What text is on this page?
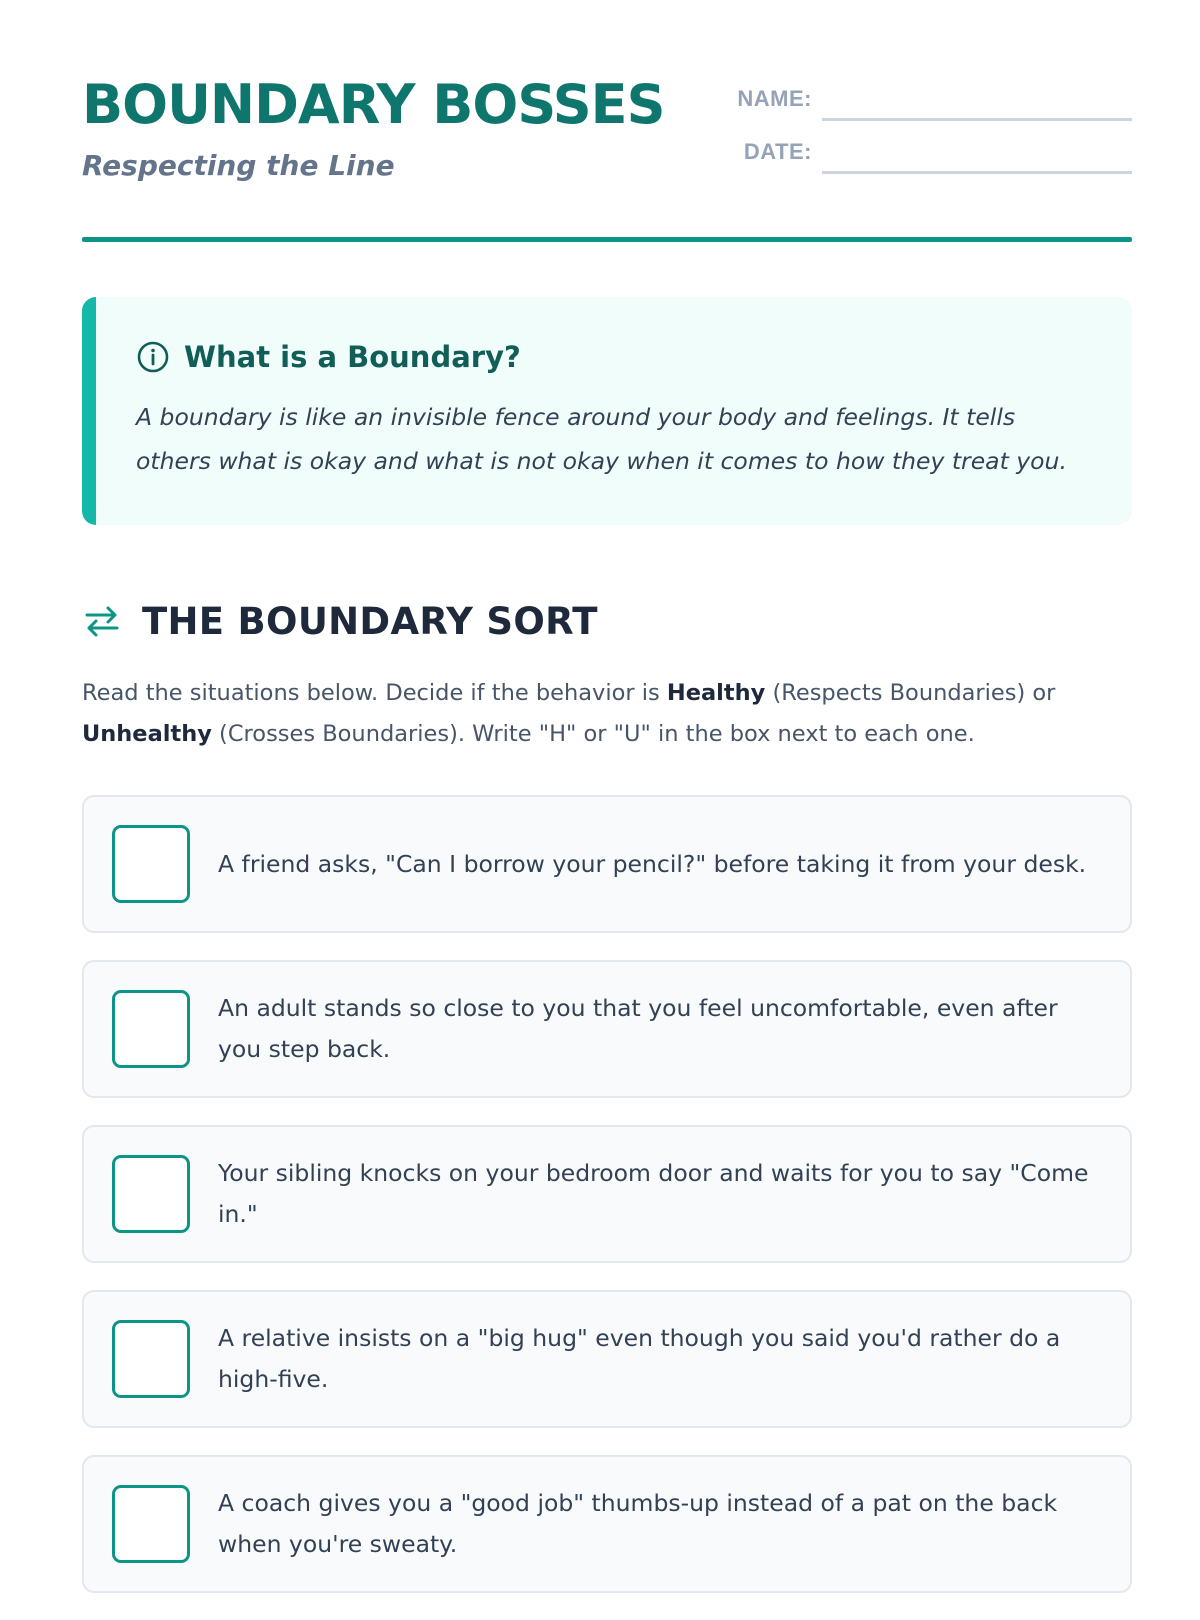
BOUNDARY BOSSES
Respecting the Line
NAME:
DATE:
What is a Boundary?
A boundary is like an invisible fence around your body and feelings. It tells others what is okay and what is not okay when it comes to how they treat you.
THE BOUNDARY SORT
Read the situations below. Decide if the behavior is Healthy (Respects Boundaries) or Unhealthy (Crosses Boundaries). Write "H" or "U" in the box next to each one.
A friend asks, "Can I borrow your pencil?" before taking it from your desk.
An adult stands so close to you that you feel uncomfortable, even after you step back.
Your sibling knocks on your bedroom door and waits for you to say "Come in."
A relative insists on a "big hug" even though you said you'd rather do a high-five.
A coach gives you a "good job" thumbs-up instead of a pat on the back when you're sweaty.
